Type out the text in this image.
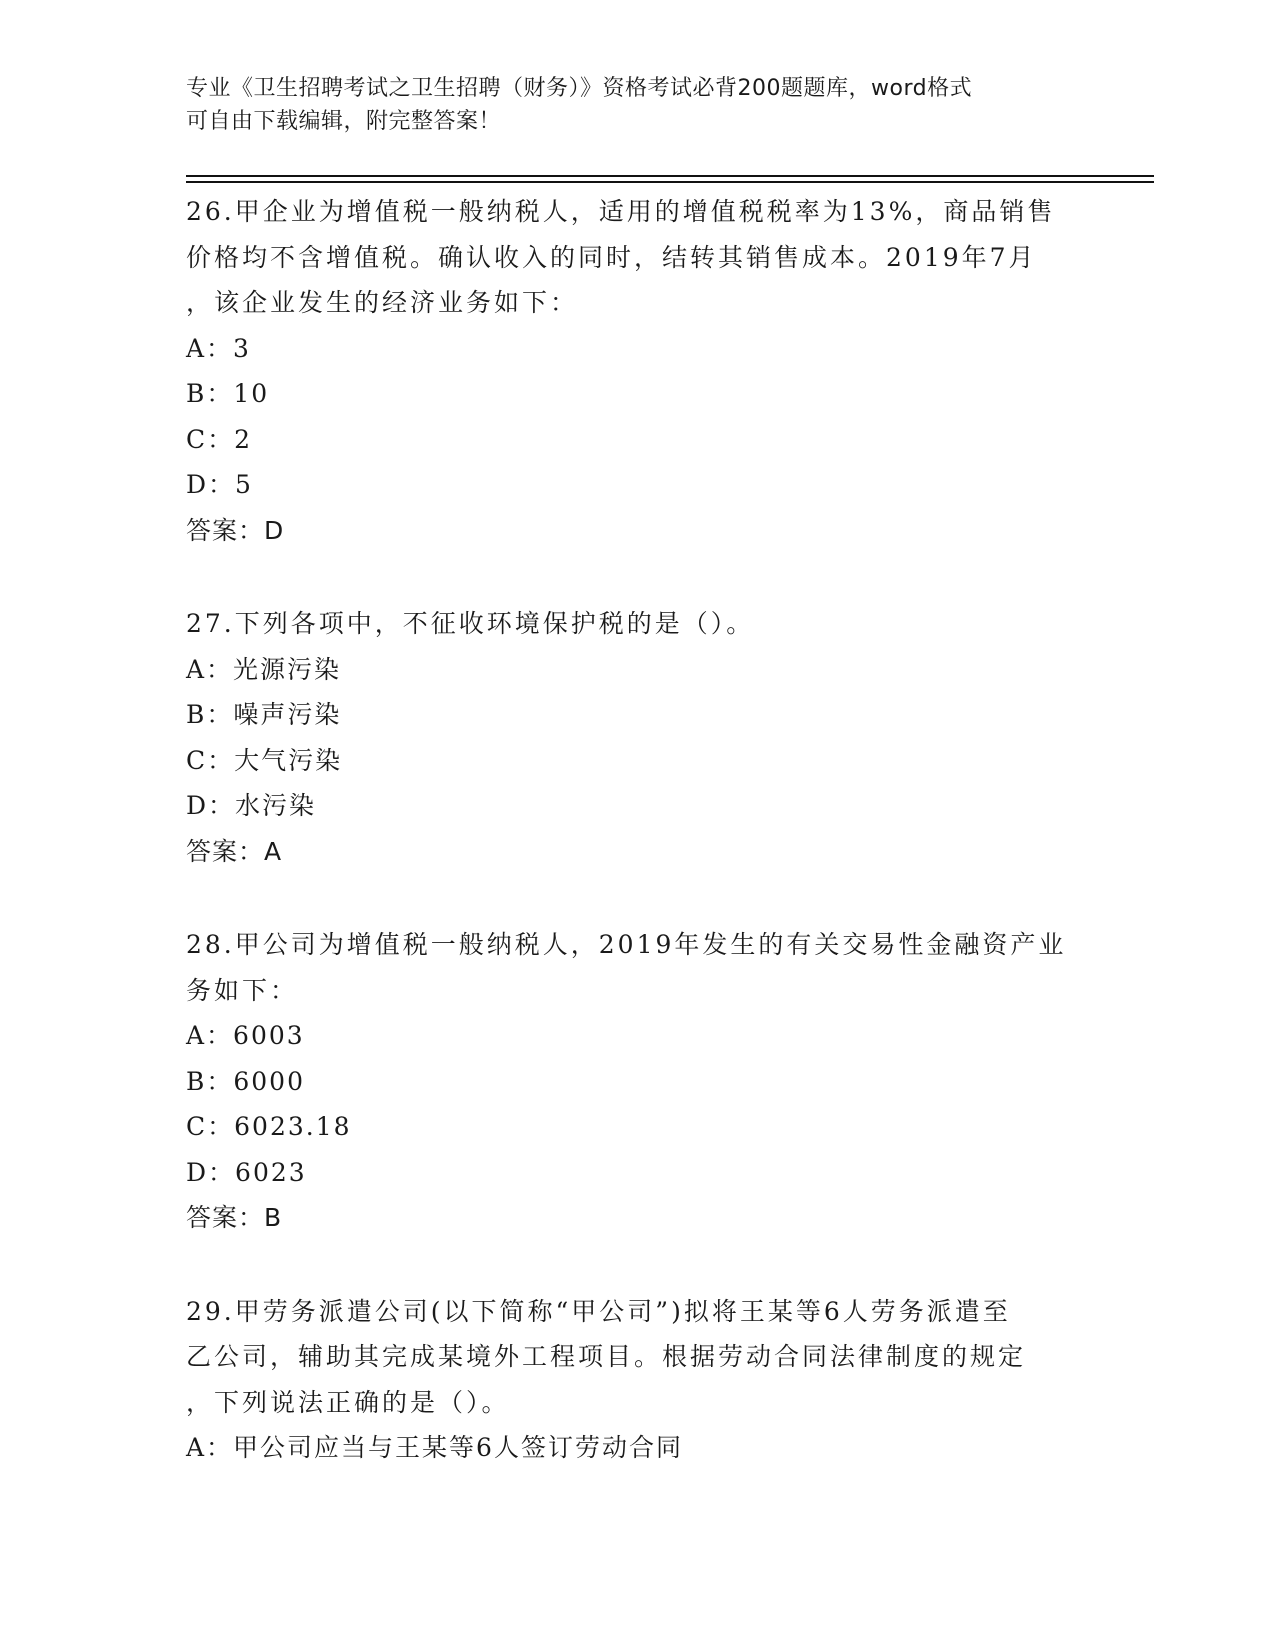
专业《卫生招聘考试之卫生招聘（财务）》资格考试必背200题题库，word格式
可自由下载编辑，附完整答案！
26.甲企业为增值税一般纳税人，适用的增值税税率为13%，商品销售
价格均不含增值税。确认收入的同时，结转其销售成本。2019年7月
，该企业发生的经济业务如下：
A：3
B：10
C：2
D：5
答案：D
27.下列各项中，不征收环境保护税的是（）。
A：光源污染
B：噪声污染
C：大气污染
D：水污染
答案：A
28.甲公司为增值税一般纳税人，2019年发生的有关交易性金融资产业
务如下：
A：6003
B：6000
C：6023.18
D：6023
答案：B
29.甲劳务派遣公司(以下简称“甲公司”)拟将王某等6人劳务派遣至
乙公司，辅助其完成某境外工程项目。根据劳动合同法律制度的规定
，下列说法正确的是（）。
A：甲公司应当与王某等6人签订劳动合同
